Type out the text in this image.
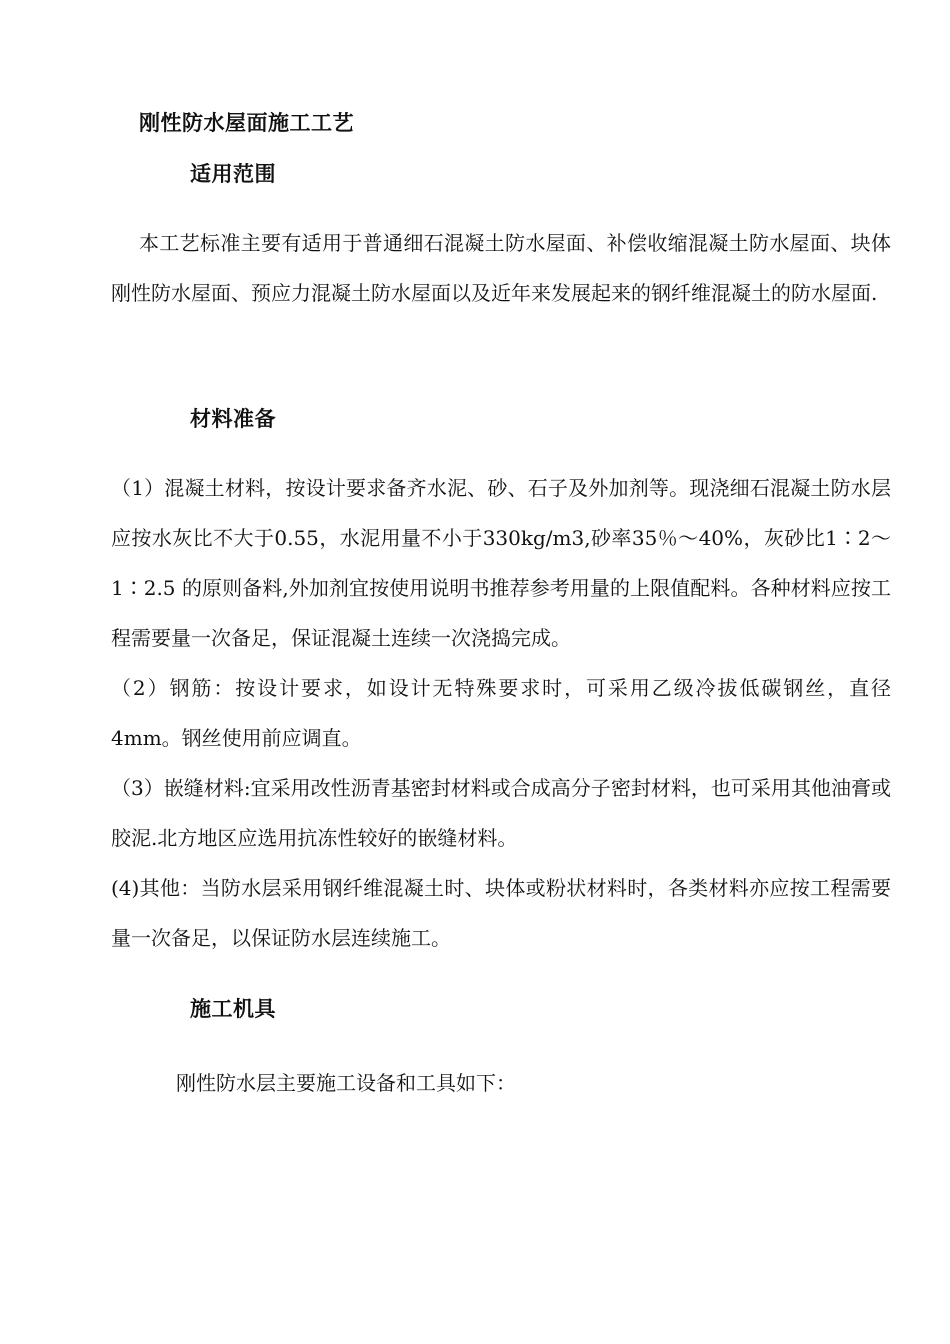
刚性防水屋面施工工艺
适用范围

本工艺标准主要有适用于普通细石混凝土防水屋面、补偿收缩混凝土防水屋面、块体刚性防水屋面、预应力混凝土防水屋面以及近年来发展起来的钢纤维混凝土的防水屋面.

材料准备

（1）混凝土材料，按设计要求备齐水泥、砂、石子及外加剂等。现浇细石混凝土防水层应按水灰比不大于0.55，水泥用量不小于330kg/m3,砂率35％～40%，灰砂比1∶2～1∶2.5 的原则备料,外加剂宜按使用说明书推荐参考用量的上限值配料。各种材料应按工程需要量一次备足，保证混凝土连续一次浇捣完成。

（2）钢筋：按设计要求，如设计无特殊要求时，可采用乙级冷拔低碳钢丝，直径4mm。钢丝使用前应调直。

（3）嵌缝材料:宜采用改性沥青基密封材料或合成高分子密封材料，也可采用其他油膏或胶泥.北方地区应选用抗冻性较好的嵌缝材料。

(4)其他：当防水层采用钢纤维混凝土时、块体或粉状材料时，各类材料亦应按工程需要量一次备足，以保证防水层连续施工。

施工机具

刚性防水层主要施工设备和工具如下：
